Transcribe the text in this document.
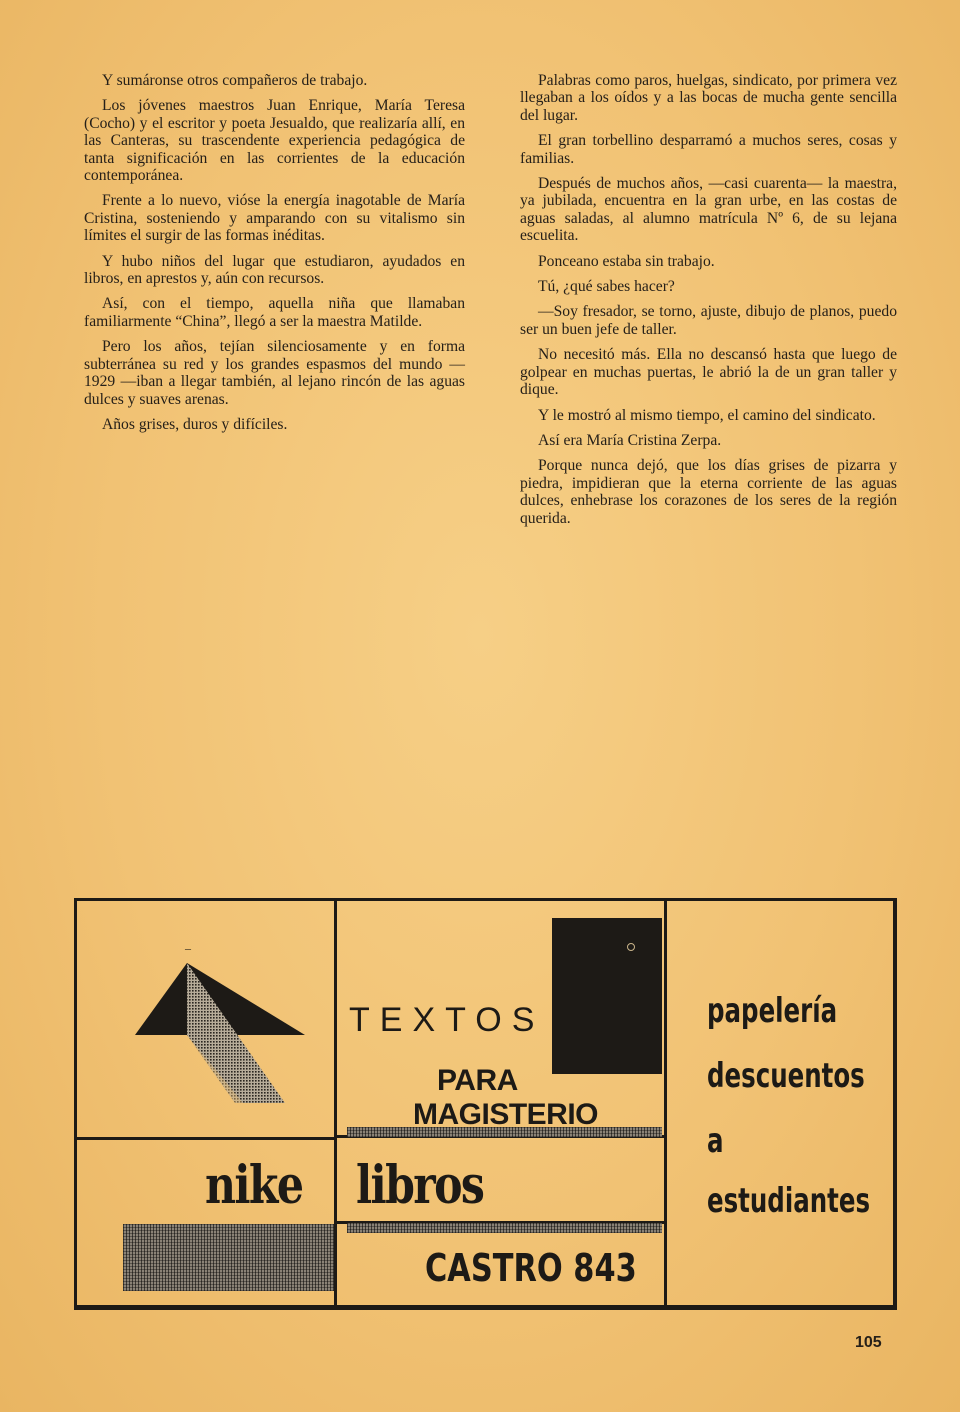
Y sumáronse otros compañeros de trabajo.

Los jóvenes maestros Juan Enrique, María Teresa (Cocho) y el escritor y poeta Jesualdo, que realizaría allí, en las Canteras, su trascendente experiencia pedagógica de tanta significación en las corrientes de la educación contemporánea.

Frente a lo nuevo, vióse la energía inagotable de María Cristina, sosteniendo y amparando con su vitalismo sin límites el surgir de las formas inéditas.

Y hubo niños del lugar que estudiaron, ayudados en libros, en aprestos y, aún con recursos.

Así, con el tiempo, aquella niña que llamaban familiarmente “China”, llegó a ser la maestra Matilde.

Pero los años, tejían silenciosamente y en forma subterránea su red y los grandes espasmos del mundo —1929 —iban a llegar también, al lejano rincón de las aguas dulces y suaves arenas.

Años grises, duros y difíciles.

Palabras como paros, huelgas, sindicato, por primera vez llegaban a los oídos y a las bocas de mucha gente sencilla del lugar.

El gran torbellino desparramó a muchos seres, cosas y familias.

Después de muchos años, —casi cuarenta— la maestra, ya jubilada, encuentra en la gran urbe, en las costas de aguas saladas, al alumno matrícula Nº 6, de su lejana escuelita.

Ponceano estaba sin trabajo.

Tú, ¿qué sabes hacer?

—Soy fresador, se torno, ajuste, dibujo de planos, puedo ser un buen jefe de taller.

No necesitó más. Ella no descansó hasta que luego de golpear en muchas puertas, le abrió la de un gran taller y dique.

Y le mostró al mismo tiempo, el camino del sindicato.

Así era María Cristina Zerpa.

Porque nunca dejó, que los días grises de pizarra y piedra, impidieran que la eterna corriente de las aguas dulces, enhebrase los corazones de los seres de la región querida.

–
TEXTOS
PARA
MAGISTERIO
nike libros
CASTRO 843
papelería
descuentos
a
estudiantes
105
